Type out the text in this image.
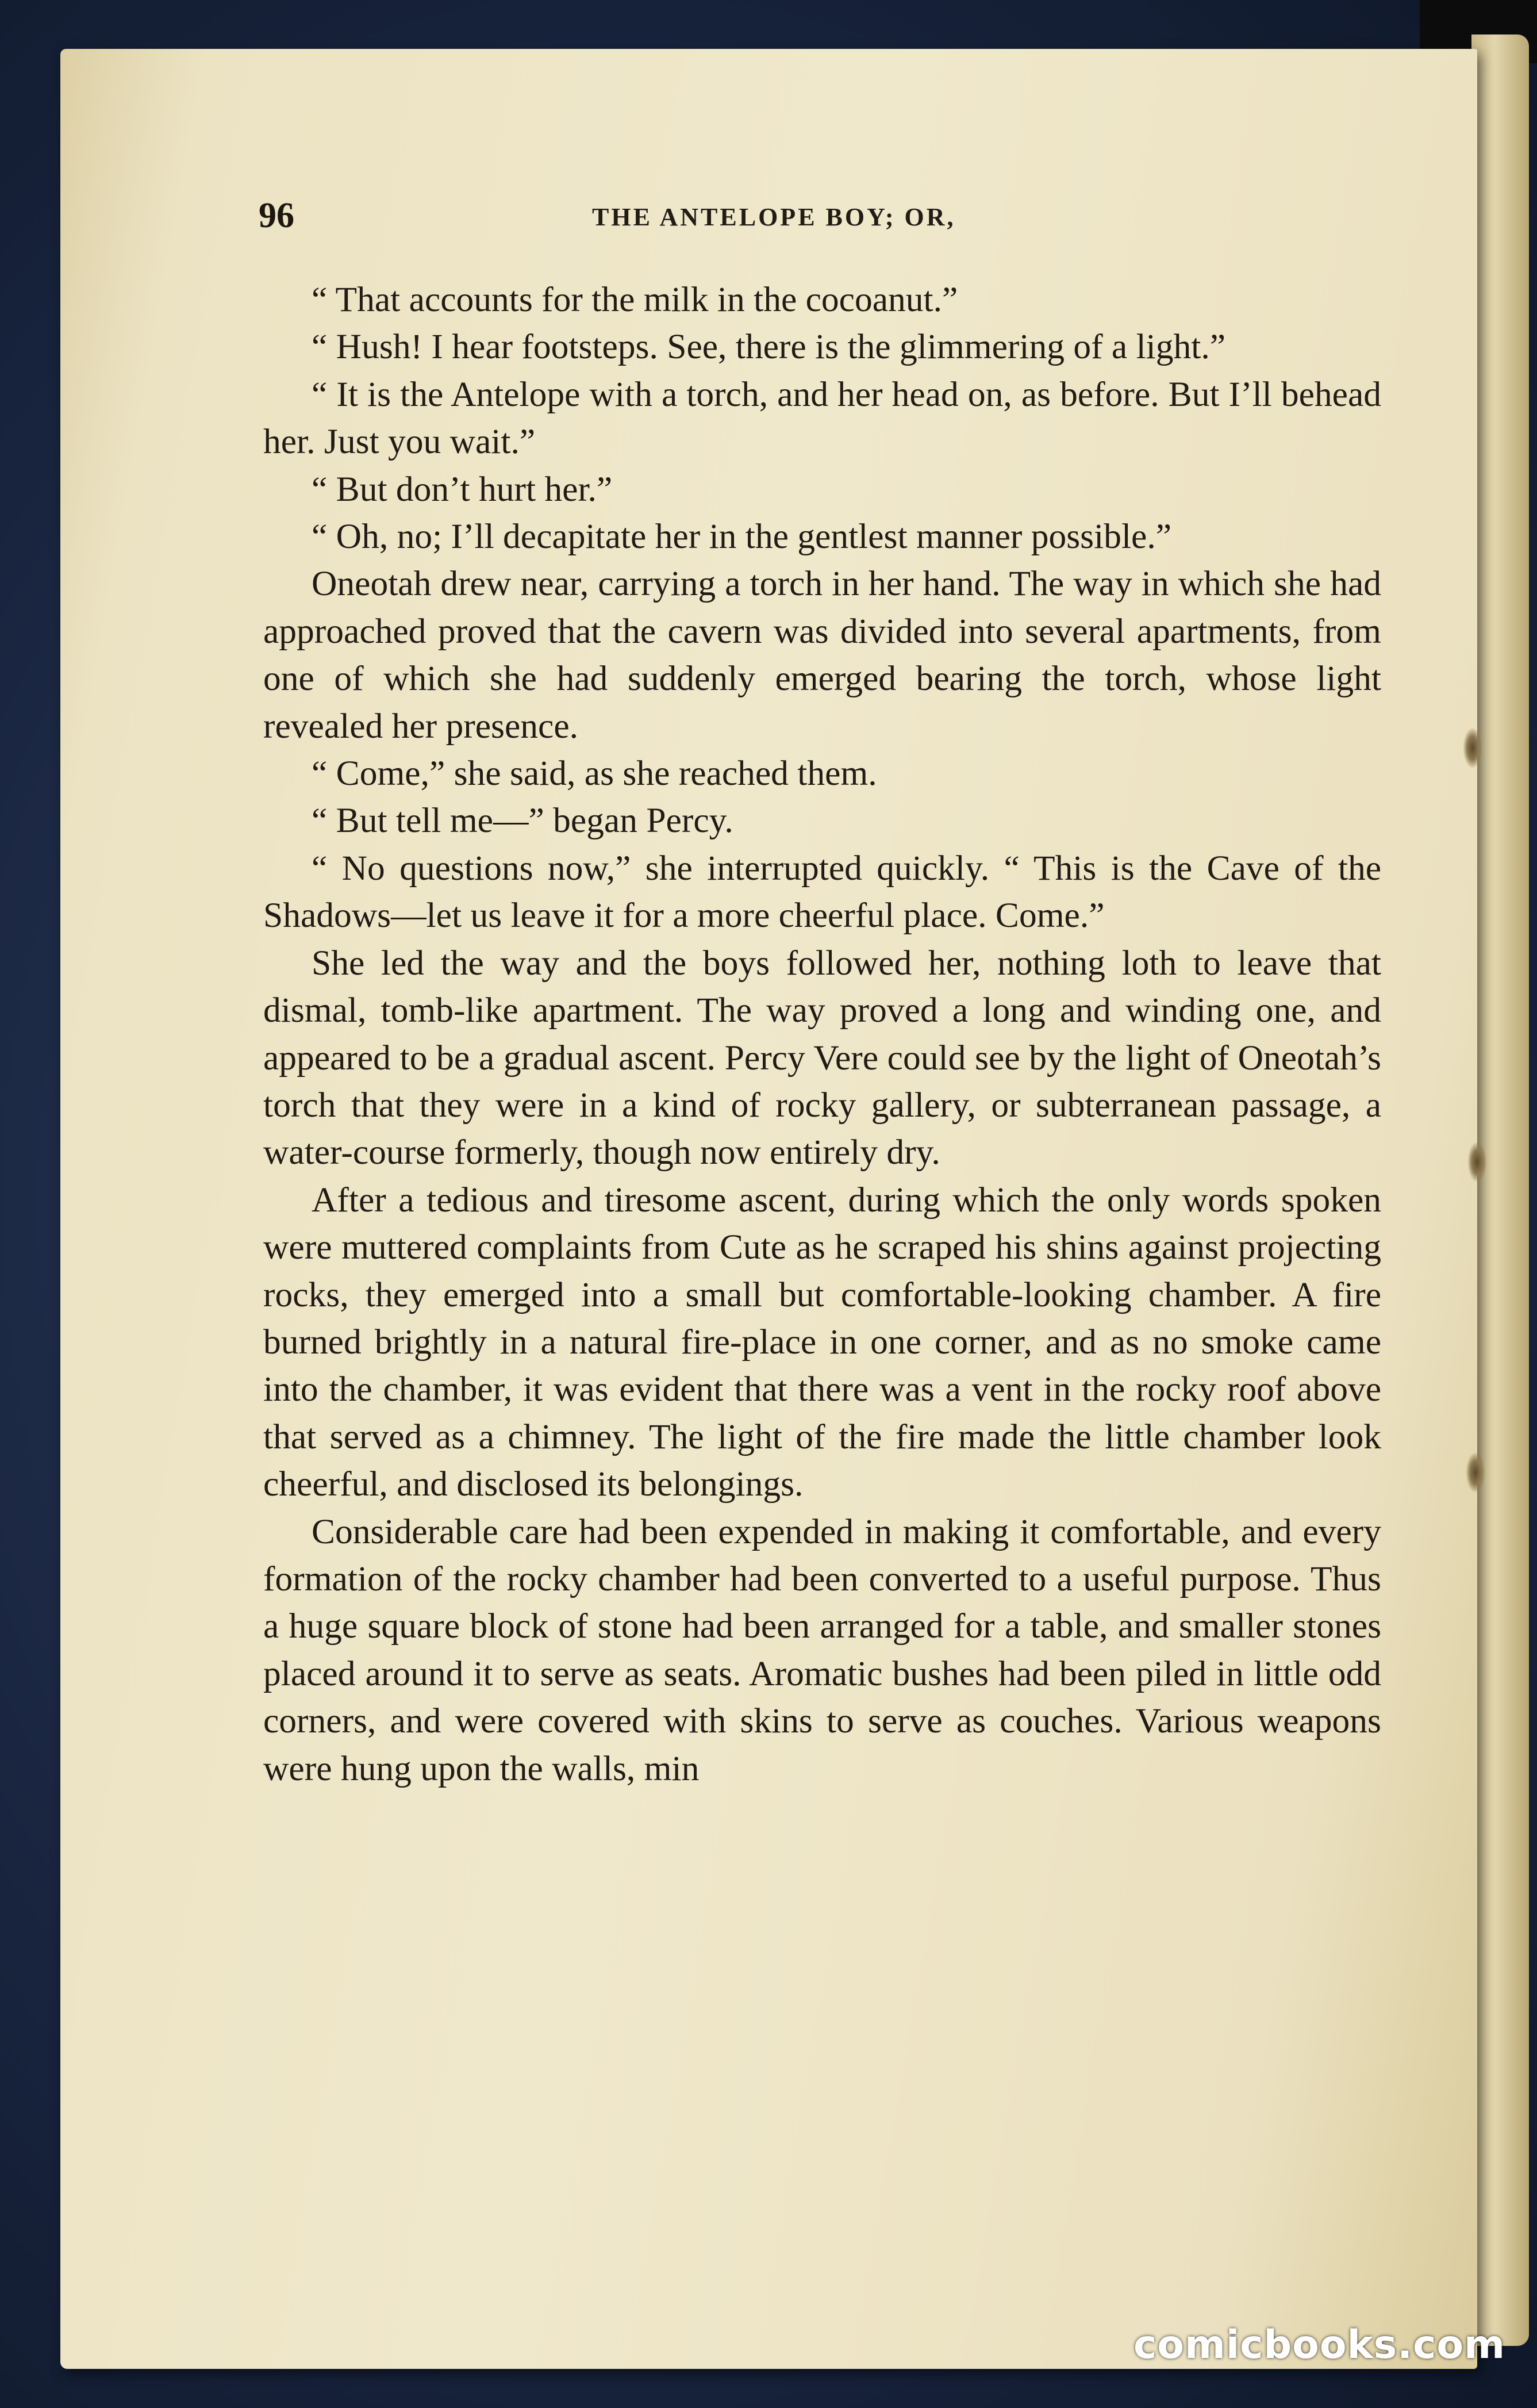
96	THE ANTELOPE BOY; OR,

“ That accounts for the milk in the cocoanut.”

“ Hush! I hear footsteps. See, there is the glimmering of a light.”

“ It is the Antelope with a torch, and her head on, as before. But I’ll behead her. Just you wait.”

“ But don’t hurt her.”

“ Oh, no; I’ll decapitate her in the gentlest manner possible.”

Oneotah drew near, carrying a torch in her hand. The way in which she had approached proved that the cavern was divided into several apartments, from one of which she had suddenly emerged bearing the torch, whose light revealed her presence.

“ Come,” she said, as she reached them.

“ But tell me—” began Percy.

“ No questions now,” she interrupted quickly. “ This is the Cave of the Shadows—let us leave it for a more cheerful place. Come.”

She led the way and the boys followed her, nothing loth to leave that dismal, tomb-like apartment. The way proved a long and winding one, and appeared to be a gradual ascent. Percy Vere could see by the light of Oneotah’s torch that they were in a kind of rocky gallery, or subterranean passage, a water-course formerly, though now entirely dry.

After a tedious and tiresome ascent, during which the only words spoken were muttered complaints from Cute as he scraped his shins against projecting rocks, they emerged into a small but comfortable-looking chamber. A fire burned brightly in a natural fire-place in one corner, and as no smoke came into the chamber, it was evident that there was a vent in the rocky roof above that served as a chimney. The light of the fire made the little chamber look cheerful, and disclosed its belongings.

Considerable care had been expended in making it comfortable, and every formation of the rocky chamber had been converted to a useful purpose. Thus a huge square block of stone had been arranged for a table, and smaller stones placed around it to serve as seats. Aromatic bushes had been piled in little odd corners, and were covered with skins to serve as couches. Various weapons were hung upon the walls, min

comicbooks.com
